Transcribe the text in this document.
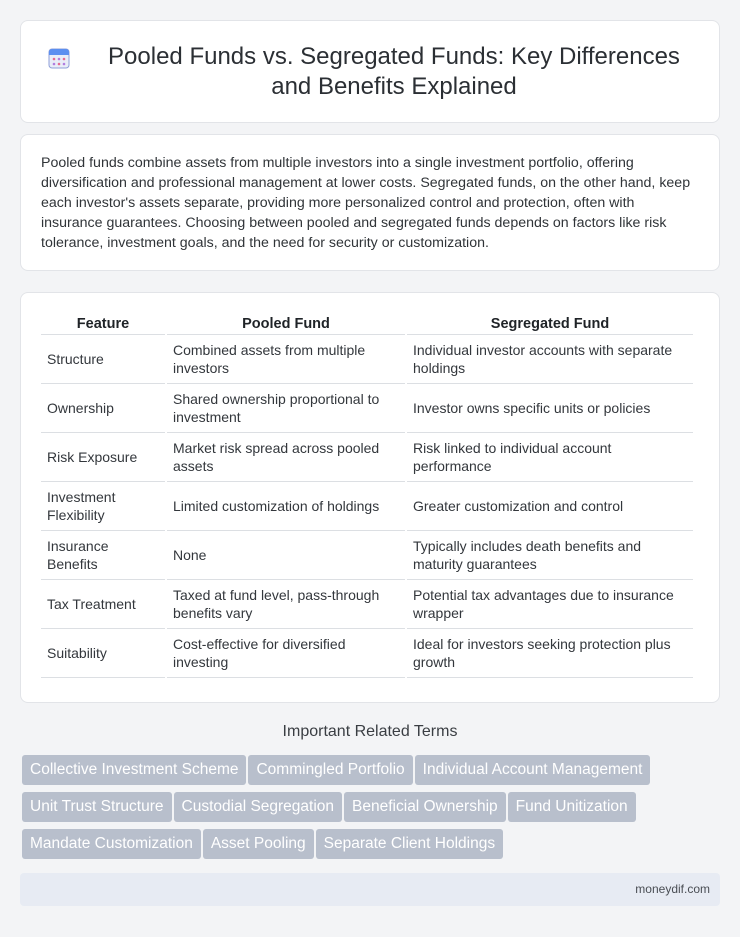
Pooled Funds vs. Segregated Funds: Key Differences and Benefits Explained

Pooled funds combine assets from multiple investors into a single investment portfolio, offering diversification and professional management at lower costs. Segregated funds, on the other hand, keep each investor's assets separate, providing more personalized control and protection, often with insurance guarantees. Choosing between pooled and segregated funds depends on factors like risk tolerance, investment goals, and the need for security or customization.

Feature	Pooled Fund	Segregated Fund
Structure	Combined assets from multiple investors	Individual investor accounts with separate holdings
Ownership	Shared ownership proportional to investment	Investor owns specific units or policies
Risk Exposure	Market risk spread across pooled assets	Risk linked to individual account performance
Investment Flexibility	Limited customization of holdings	Greater customization and control
Insurance Benefits	None	Typically includes death benefits and maturity guarantees
Tax Treatment	Taxed at fund level, pass-through benefits vary	Potential tax advantages due to insurance wrapper
Suitability	Cost-effective for diversified investing	Ideal for investors seeking protection plus growth
Important Related Terms
Collective Investment Scheme Commingled Portfolio Individual Account Management
Unit Trust Structure Custodial Segregation Beneficial Ownership Fund Unitization
Mandate Customization Asset Pooling Separate Client Holdings
moneydif.com
